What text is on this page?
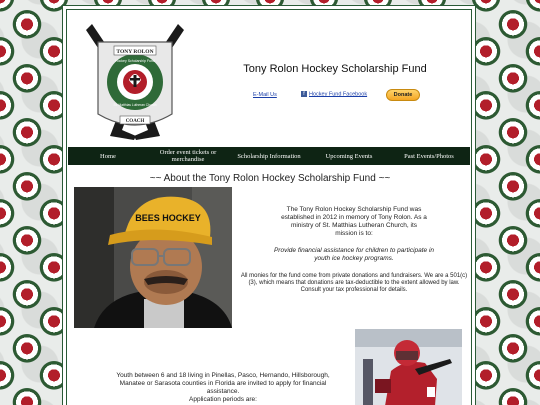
TONY ROLON
COACH
Hockey Scholarship Fund
St. Matthias Lutheran Church
Tony Rolon Hockey Scholarship Fund
E-Mail Us	f Hockey Fund Facebook	Donate
Home	Order event tickets or merchandise	Scholarship Information	Upcoming Events	Past Events/Photos
~~ About the Tony Rolon Hockey Scholarship Fund ~~
BEES HOCKEY

The Tony Rolon Hockey Scholarship Fund was established in 2012 in memory of Tony Rolon. As a ministry of St. Matthias Lutheran Church, its mission is to:

Provide financial assistance for children to participate in youth ice hockey programs.

All monies for the fund come from private donations and fundraisers. We are a 501(c)(3), which means that donations are tax-deductible to the extent allowed by law. Consult your tax professional for details.

Youth between 6 and 18 living in Pinellas, Pasco, Hernando, Hillsborough, Manatee or Sarasota counties in Florida are invited to apply for financial assistance.

Application periods are:
